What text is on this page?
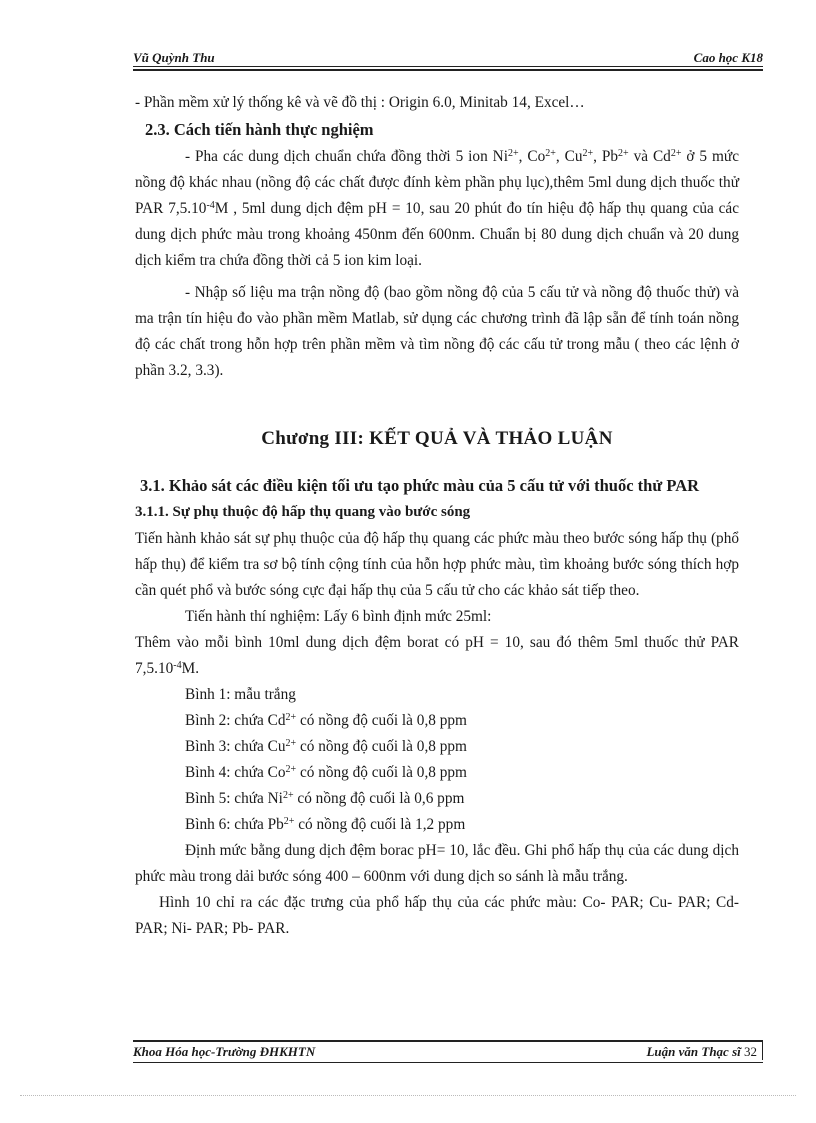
Vũ Quỳnh Thu	Cao học K18

- Phần mềm xử lý thống kê và vẽ đồ thị : Origin 6.0, Minitab 14, Excel…

2.3. Cách tiến hành thực nghiệm

- Pha các dung dịch chuẩn chứa đồng thời 5 ion $Ni^{2+}$, $Co^{2+}$, $Cu^{2+}$, $Pb^{2+}$ và $Cd^{2+}$ ở 5 mức nồng độ khác nhau (nồng độ các chất được đính kèm phần phụ lục),thêm 5ml dung dịch thuốc thử PAR $7,5.10^{-4}M$ , 5ml dung dịch đệm pH = 10, sau 20 phút đo tín hiệu độ hấp thụ quang của các dung dịch phức màu trong khoảng 450nm đến 600nm. Chuẩn bị 80 dung dịch chuẩn và 20 dung dịch kiểm tra chứa đồng thời cả 5 ion kim loại.

- Nhập số liệu ma trận nồng độ (bao gồm nồng độ của 5 cấu tử và nồng độ thuốc thử) và ma trận tín hiệu đo vào phần mềm Matlab, sử dụng các chương trình đã lập sẵn để tính toán nồng độ các chất trong hỗn hợp trên phần mềm và tìm nồng độ các cấu tử trong mẫu ( theo các lệnh ở phần 3.2, 3.3).

Chương III: KẾT QUẢ VÀ THẢO LUẬN

3.1. Khảo sát các điều kiện tối ưu tạo phức màu của 5 cấu tử với thuốc thử PAR

3.1.1. Sự phụ thuộc độ hấp thụ quang vào bước sóng

Tiến hành khảo sát sự phụ thuộc của độ hấp thụ quang các phức màu theo bước sóng hấp thụ (phổ hấp thụ) để kiểm tra sơ bộ tính cộng tính của hỗn hợp phức màu, tìm khoảng bước sóng thích hợp cần quét phổ và bước sóng cực đại hấp thụ của 5 cấu tử cho các khảo sát tiếp theo.

Tiến hành thí nghiệm: Lấy 6 bình định mức 25ml:

Thêm vào mỗi bình 10ml dung dịch đệm borat có pH = 10, sau đó thêm 5ml thuốc thử PAR $7,5.10^{-4}M$.

Bình 1: mẫu trắng

Bình 2: chứa $Cd^{2+}$ có nồng độ cuối là 0,8 ppm

Bình 3: chứa $Cu^{2+}$ có nồng độ cuối là 0,8 ppm

Bình 4: chứa $Co^{2+}$ có nồng độ cuối là 0,8 ppm

Bình 5: chứa $Ni^{2+}$ có nồng độ cuối là 0,6 ppm

Bình 6: chứa $Pb^{2+}$ có nồng độ cuối là 1,2 ppm

Định mức bằng dung dịch đệm borac pH= 10, lắc đều. Ghi phổ hấp thụ của các dung dịch phức màu trong dải bước sóng 400 – 600nm với dung dịch so sánh là mẫu trắng.

Hình 10 chỉ ra các đặc trưng của phổ hấp thụ của các phức màu: Co- PAR; Cu- PAR; Cd- PAR; Ni- PAR; Pb- PAR.

Khoa Hóa học-Trường ĐHKHTN	Luận văn Thạc sĩ 32
